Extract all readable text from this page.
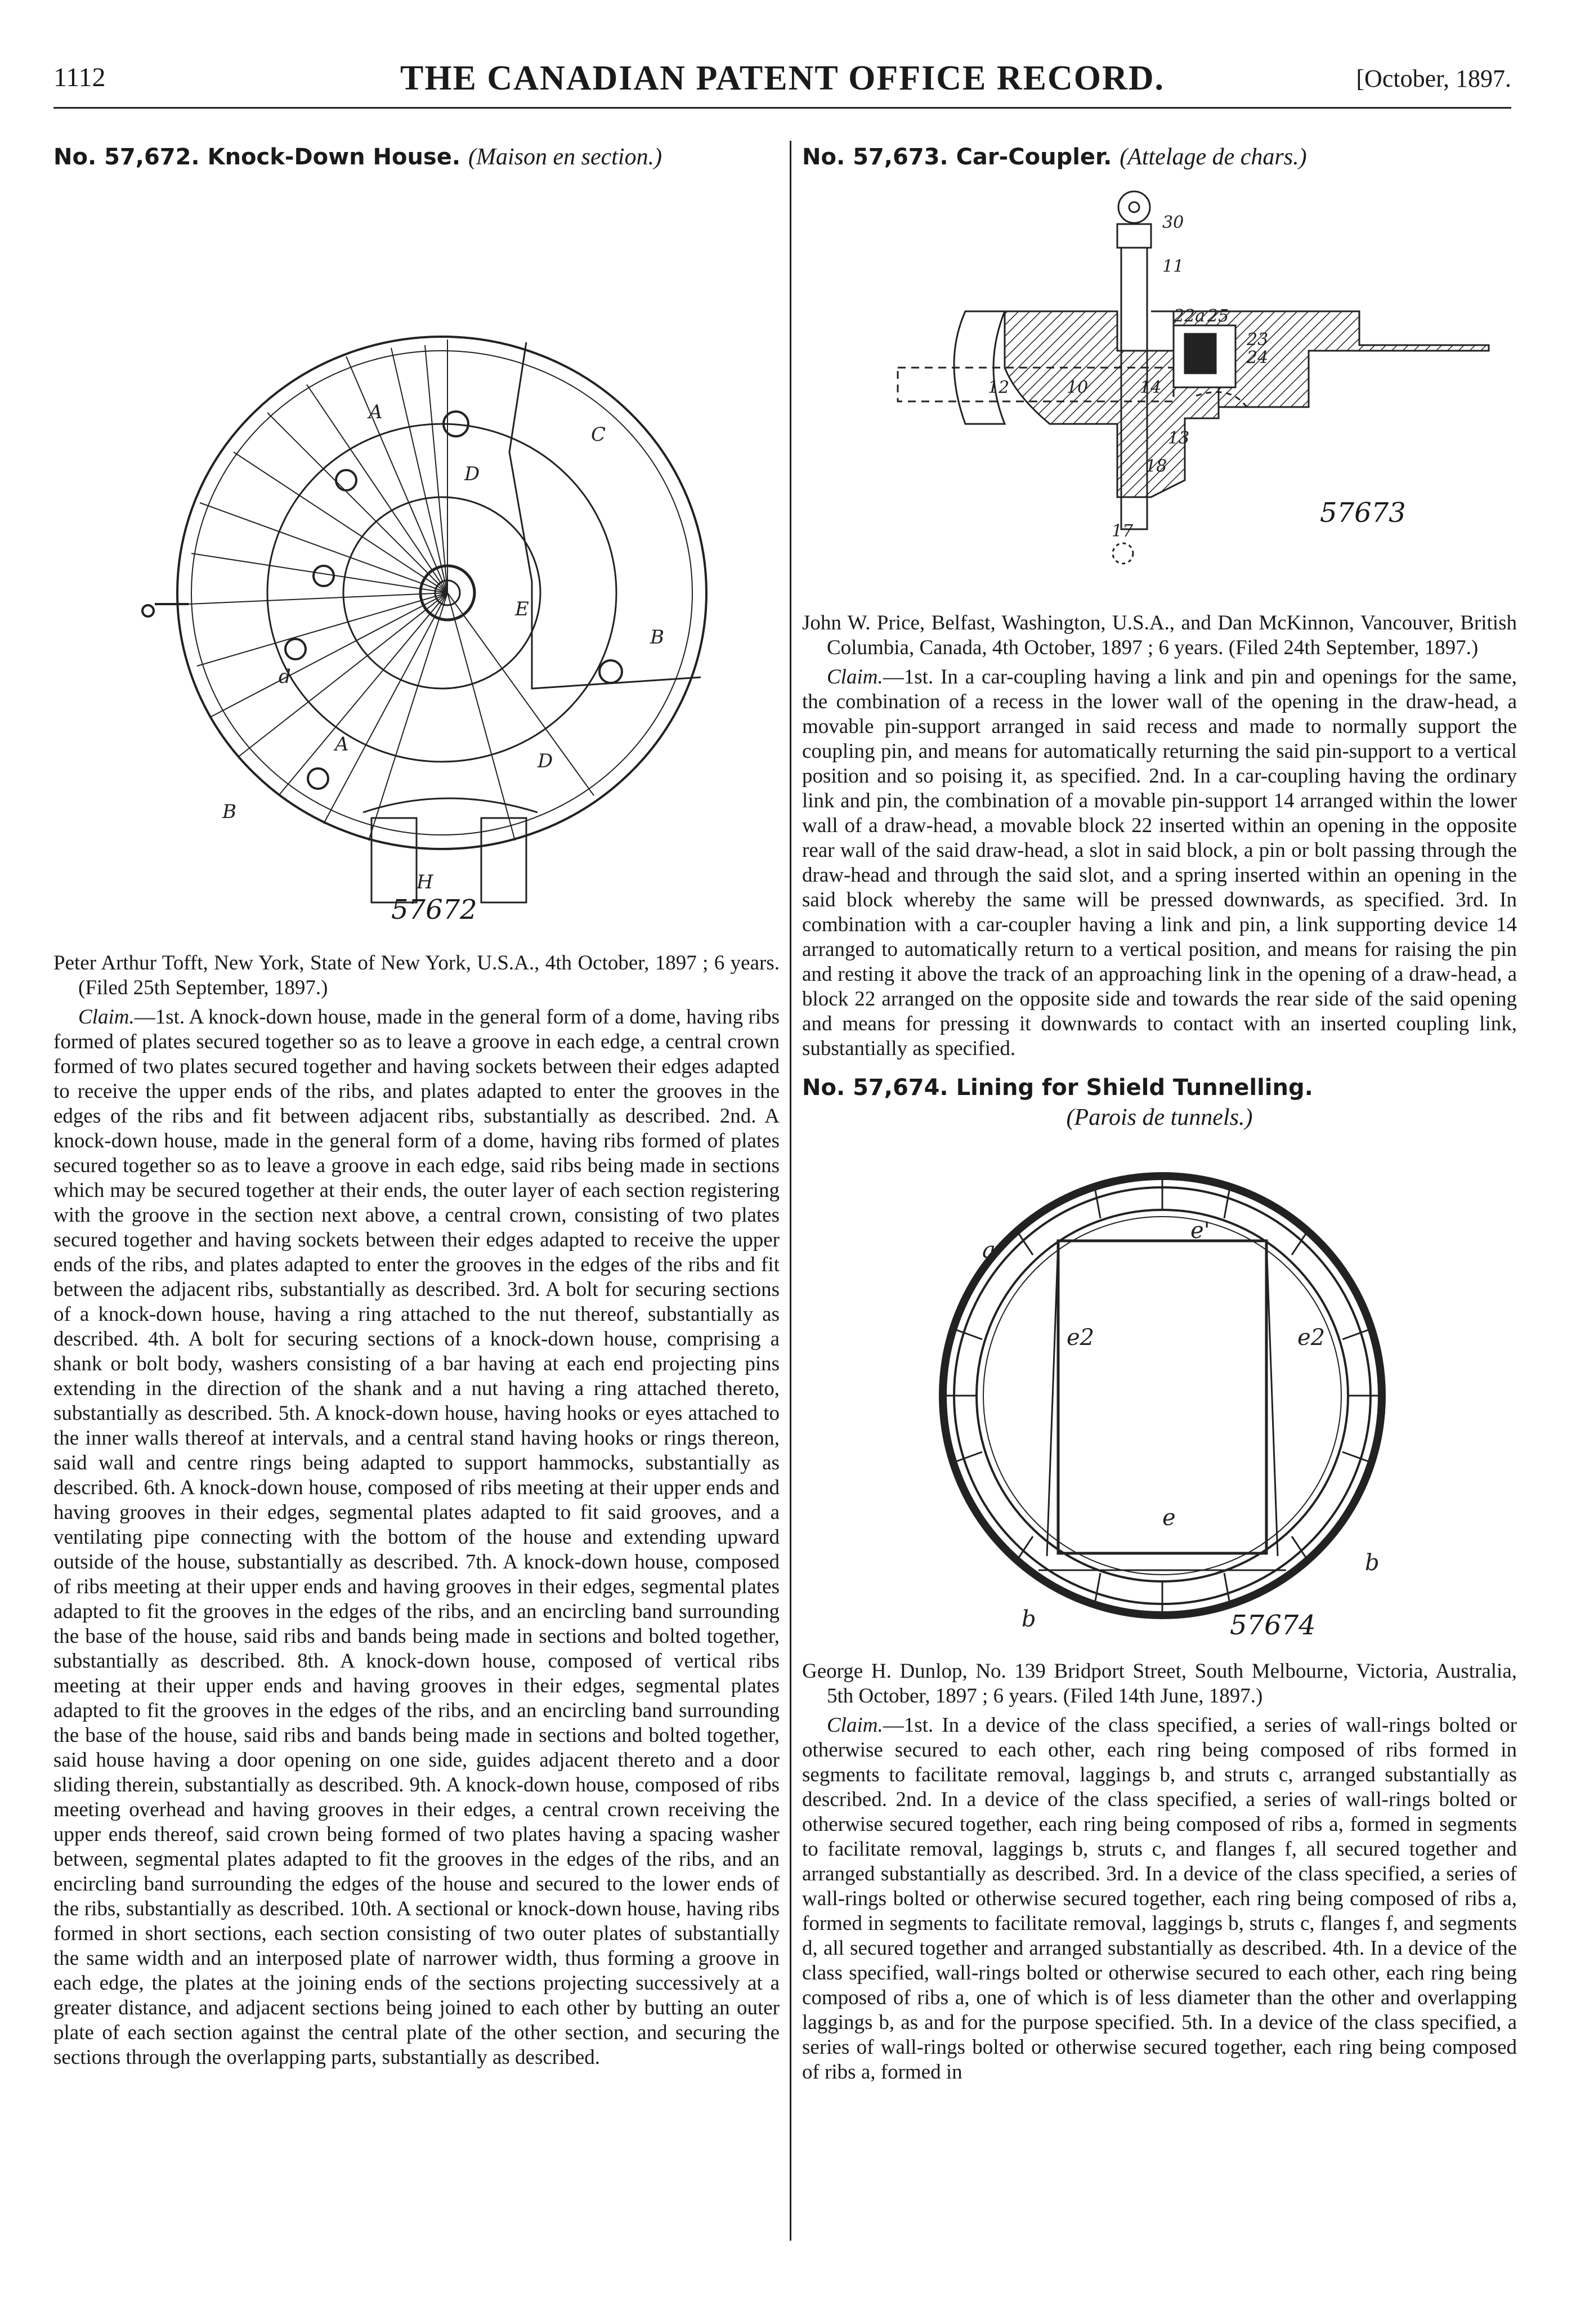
1112	THE CANADIAN PATENT OFFICE RECORD.	[October, 1897.
No. 57,672. Knock-Down House. (Maison en section.)
A
D
B
E
A
D
B
C
H
d
57672

Peter Arthur Tofft, New York, State of New York, U.S.A., 4th October, 1897 ; 6 years. (Filed 25th September, 1897.)

Claim.—1st. A knock-down house, made in the general form of a dome, having ribs formed of plates secured together so as to leave a groove in each edge, a central crown formed of two plates secured together and having sockets between their edges adapted to receive the upper ends of the ribs, and plates adapted to enter the grooves in the edges of the ribs and fit between adjacent ribs, substantially as described. 2nd. A knock-down house, made in the general form of a dome, having ribs formed of plates secured together so as to leave a groove in each edge, said ribs being made in sections which may be secured together at their ends, the outer layer of each section registering with the groove in the section next above, a central crown, consisting of two plates secured together and having sockets between their edges adapted to receive the upper ends of the ribs, and plates adapted to enter the grooves in the edges of the ribs and fit between the adjacent ribs, substantially as described. 3rd. A bolt for securing sections of a knock-down house, having a ring attached to the nut thereof, substantially as described. 4th. A bolt for securing sections of a knock-down house, comprising a shank or bolt body, washers consisting of a bar having at each end projecting pins extending in the direction of the shank and a nut having a ring attached thereto, substantially as described. 5th. A knock-down house, having hooks or eyes attached to the inner walls thereof at intervals, and a central stand having hooks or rings thereon, said wall and centre rings being adapted to support hammocks, substantially as described. 6th. A knock-down house, composed of ribs meeting at their upper ends and having grooves in their edges, segmental plates adapted to fit said grooves, and a ventilating pipe connecting with the bottom of the house and extending upward outside of the house, substantially as described. 7th. A knock-down house, composed of ribs meeting at their upper ends and having grooves in their edges, segmental plates adapted to fit the grooves in the edges of the ribs, and an encircling band surrounding the base of the house, said ribs and bands being made in sections and bolted together, substantially as described. 8th. A knock-down house, composed of vertical ribs meeting at their upper ends and having grooves in their edges, segmental plates adapted to fit the grooves in the edges of the ribs, and an encircling band surrounding the base of the house, said ribs and bands being made in sections and bolted together, said house having a door opening on one side, guides adjacent thereto and a door sliding therein, substantially as described. 9th. A knock-down house, composed of ribs meeting overhead and having grooves in their edges, a central crown receiving the upper ends thereof, said crown being formed of two plates having a spacing washer between, segmental plates adapted to fit the grooves in the edges of the ribs, and an encircling band surrounding the edges of the house and secured to the lower ends of the ribs, substantially as described. 10th. A sectional or knock-down house, having ribs formed in short sections, each section consisting of two outer plates of substantially the same width and an interposed plate of narrower width, thus forming a groove in each edge, the plates at the joining ends of the sections projecting successively at a greater distance, and adjacent sections being joined to each other by butting an outer plate of each section against the central plate of the other section, and securing the sections through the overlapping parts, substantially as described.

No. 57,673. Car-Coupler. (Attelage de chars.)
30
11
22a 25
23
24
12	10	14
13
18
17
57673

John W. Price, Belfast, Washington, U.S.A., and Dan McKinnon, Vancouver, British Columbia, Canada, 4th October, 1897 ; 6 years. (Filed 24th September, 1897.)

Claim.—1st. In a car-coupling having a link and pin and openings for the same, the combination of a recess in the lower wall of the opening in the draw-head, a movable pin-support arranged in said recess and made to normally support the coupling pin, and means for automatically returning the said pin-support to a vertical position and so poising it, as specified. 2nd. In a car-coupling having the ordinary link and pin, the combination of a movable pin-support 14 arranged within the lower wall of a draw-head, a movable block 22 inserted within an opening in the opposite rear wall of the said draw-head, a slot in said block, a pin or bolt passing through the draw-head and through the said slot, and a spring inserted within an opening in the said block whereby the same will be pressed downwards, as specified. 3rd. In combination with a car-coupler having a link and pin, a link supporting device 14 arranged to automatically return to a vertical position, and means for raising the pin and resting it above the track of an approaching link in the opening of a draw-head, a block 22 arranged on the opposite side and towards the rear side of the said opening and means for pressing it downwards to contact with an inserted coupling link, substantially as specified.

No. 57,674. Lining for Shield Tunnelling.
(Parois de tunnels.)
a
e'
e2	e2
e
b
b	57674

George H. Dunlop, No. 139 Bridport Street, South Melbourne, Victoria, Australia, 5th October, 1897 ; 6 years. (Filed 14th June, 1897.)

Claim.—1st. In a device of the class specified, a series of wall-rings bolted or otherwise secured to each other, each ring being composed of ribs formed in segments to facilitate removal, laggings b, and struts c, arranged substantially as described. 2nd. In a device of the class specified, a series of wall-rings bolted or otherwise secured together, each ring being composed of ribs a, formed in segments to facilitate removal, laggings b, struts c, and flanges f, all secured together and arranged substantially as described. 3rd. In a device of the class specified, a series of wall-rings bolted or otherwise secured together, each ring being composed of ribs a, formed in segments to facilitate removal, laggings b, struts c, flanges f, and segments d, all secured together and arranged substantially as described. 4th. In a device of the class specified, wall-rings bolted or otherwise secured to each other, each ring being composed of ribs a, one of which is of less diameter than the other and overlapping laggings b, as and for the purpose specified. 5th. In a device of the class specified, a series of wall-rings bolted or otherwise secured together, each ring being composed of ribs a, formed in
